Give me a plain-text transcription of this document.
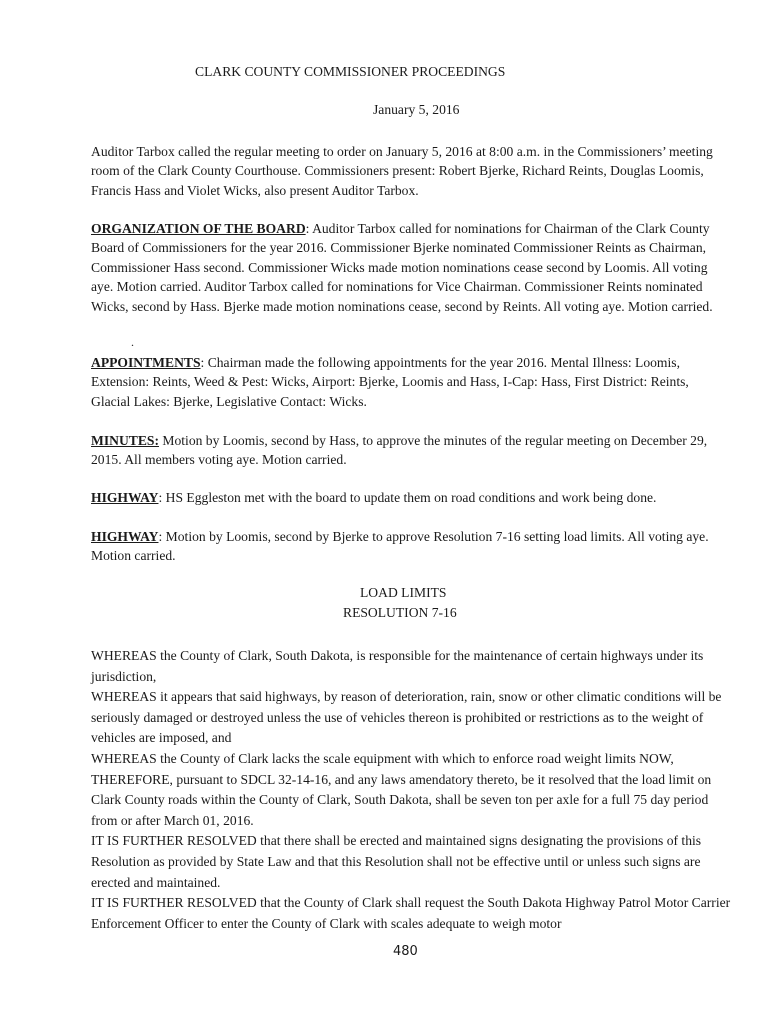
CLARK COUNTY COMMISSIONER PROCEEDINGS
January 5, 2016

Auditor Tarbox called the regular meeting to order on January 5, 2016 at 8:00 a.m. in the Commissioners’ meeting room of the Clark County Courthouse. Commissioners present: Robert Bjerke, Richard Reints, Douglas Loomis, Francis Hass and Violet Wicks, also present Auditor Tarbox.

ORGANIZATION OF THE BOARD: Auditor Tarbox called for nominations for Chairman of the Clark County Board of Commissioners for the year 2016. Commissioner Bjerke nominated Commissioner Reints as Chairman, Commissioner Hass second. Commissioner Wicks made motion nominations cease second by Loomis. All voting aye. Motion carried. Auditor Tarbox called for nominations for Vice Chairman. Commissioner Reints nominated Wicks, second by Hass. Bjerke made motion nominations cease, second by Reints. All voting aye. Motion carried.

.

APPOINTMENTS: Chairman made the following appointments for the year 2016. Mental Illness: Loomis, Extension: Reints, Weed & Pest: Wicks, Airport: Bjerke, Loomis and Hass, I-Cap: Hass, First District: Reints, Glacial Lakes: Bjerke, Legislative Contact: Wicks.

MINUTES: Motion by Loomis, second by Hass, to approve the minutes of the regular meeting on December 29, 2015. All members voting aye. Motion carried.

HIGHWAY: HS Eggleston met with the board to update them on road conditions and work being done.

HIGHWAY: Motion by Loomis, second by Bjerke to approve Resolution 7-16 setting load limits. All voting aye. Motion carried.

LOAD LIMITS
RESOLUTION 7-16

WHEREAS the County of Clark, South Dakota, is responsible for the maintenance of certain highways under its jurisdiction,
WHEREAS it appears that said highways, by reason of deterioration, rain, snow or other climatic conditions will be seriously damaged or destroyed unless the use of vehicles thereon is prohibited or restrictions as to the weight of vehicles are imposed, and
WHEREAS the County of Clark lacks the scale equipment with which to enforce road weight limits NOW, THEREFORE, pursuant to SDCL 32-14-16, and any laws amendatory thereto, be it resolved that the load limit on Clark County roads within the County of Clark, South Dakota, shall be seven ton per axle for a full 75 day period from or after March 01, 2016.
IT IS FURTHER RESOLVED that there shall be erected and maintained signs designating the provisions of this Resolution as provided by State Law and that this Resolution shall not be effective until or unless such signs are erected and maintained.
IT IS FURTHER RESOLVED that the County of Clark shall request the South Dakota Highway Patrol Motor Carrier Enforcement Officer to enter the County of Clark with scales adequate to weigh motor

480
